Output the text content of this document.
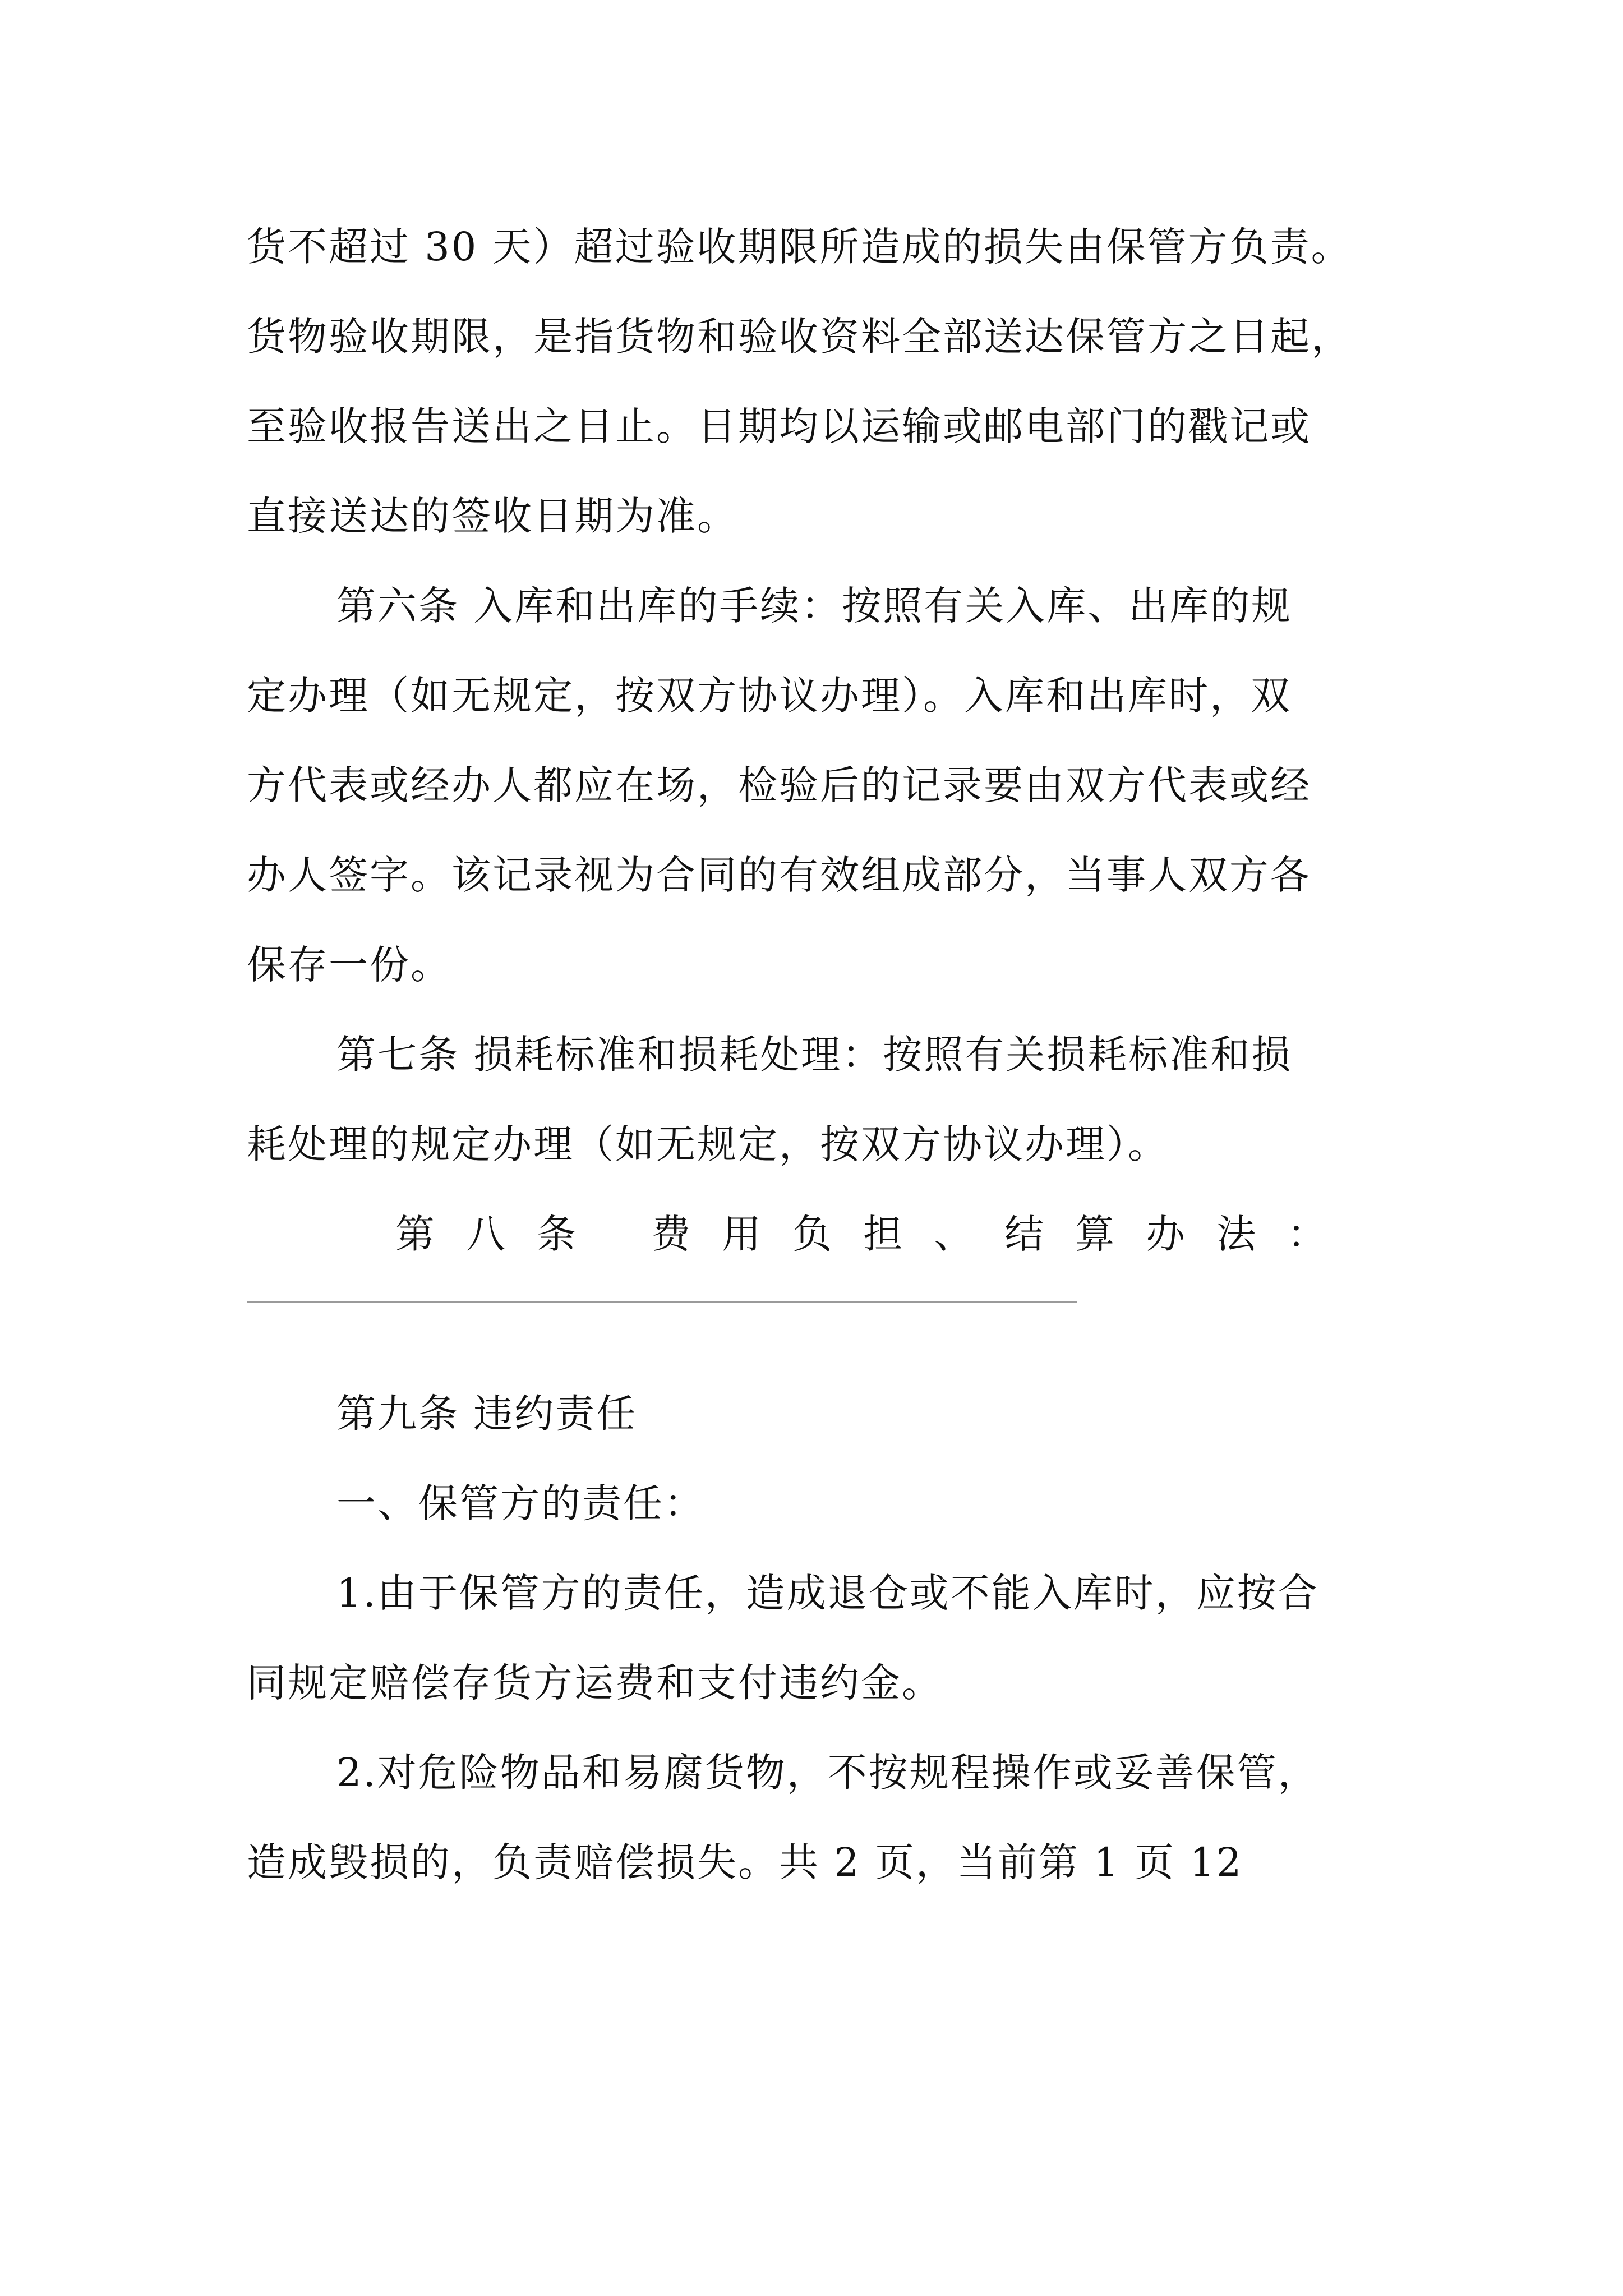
货不超过 30 天）超过验收期限所造成的损失由保管方负责。
货物验收期限，是指货物和验收资料全部送达保管方之日起，
至验收报告送出之日止。日期均以运输或邮电部门的戳记或
直接送达的签收日期为准。
第六条 入库和出库的手续：按照有关入库、出库的规
定办理（如无规定，按双方协议办理）。入库和出库时，双
方代表或经办人都应在场，检验后的记录要由双方代表或经
办人签字。该记录视为合同的有效组成部分，当事人双方各
保存一份。
第七条 损耗标准和损耗处理：按照有关损耗标准和损
耗处理的规定办理（如无规定，按双方协议办理）。
第八条 费用负担、结算办法：
第九条 违约责任
一、保管方的责任：
1.由于保管方的责任，造成退仓或不能入库时，应按合
同规定赔偿存货方运费和支付违约金。
2.对危险物品和易腐货物，不按规程操作或妥善保管，
造成毁损的，负责赔偿损失。共 2 页，当前第 1 页 12
